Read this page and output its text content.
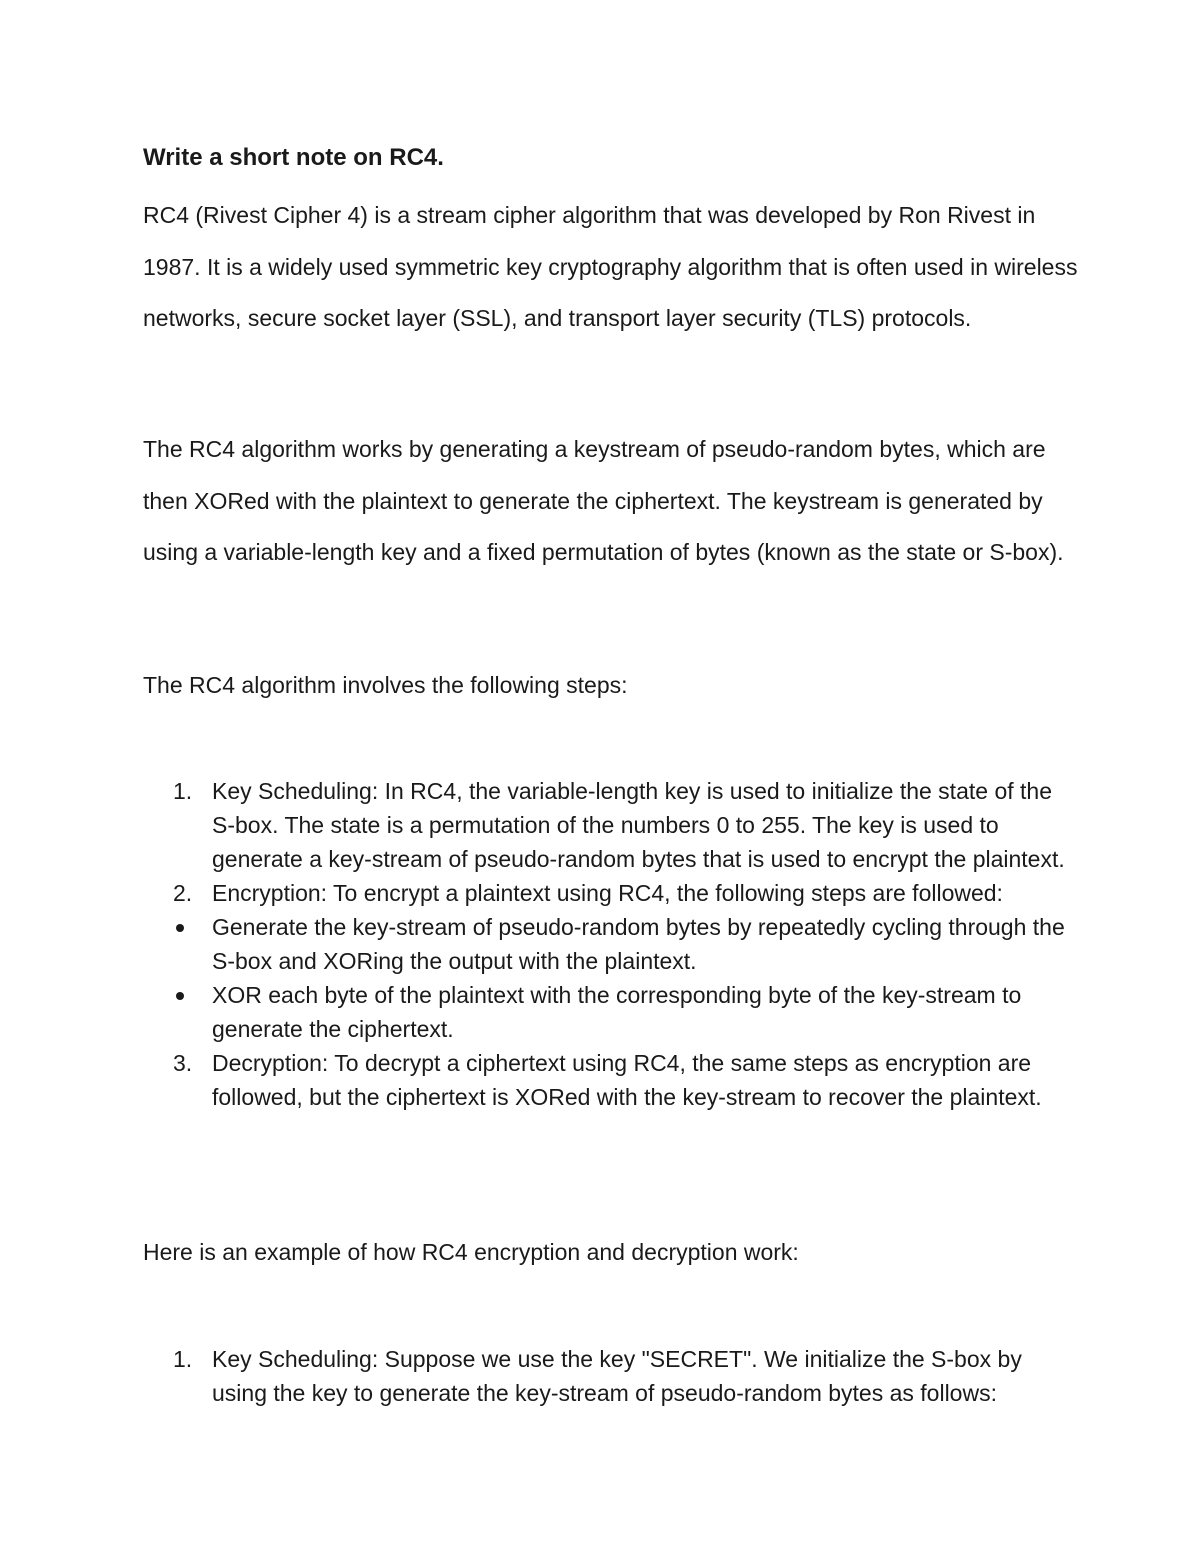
Write a short note on RC4.

RC4 (Rivest Cipher 4) is a stream cipher algorithm that was developed by Ron Rivest in 1987. It is a widely used symmetric key cryptography algorithm that is often used in wireless networks, secure socket layer (SSL), and transport layer security (TLS) protocols.

The RC4 algorithm works by generating a keystream of pseudo-random bytes, which are then XORed with the plaintext to generate the ciphertext. The keystream is generated by using a variable-length key and a fixed permutation of bytes (known as the state or S-box).

The RC4 algorithm involves the following steps:

1. Key Scheduling: In RC4, the variable-length key is used to initialize the state of the S-box. The state is a permutation of the numbers 0 to 255. The key is used to generate a key-stream of pseudo-random bytes that is used to encrypt the plaintext.
2. Encryption: To encrypt a plaintext using RC4, the following steps are followed:
Generate the key-stream of pseudo-random bytes by repeatedly cycling through the S-box and XORing the output with the plaintext.
XOR each byte of the plaintext with the corresponding byte of the key-stream to generate the ciphertext.
3. Decryption: To decrypt a ciphertext using RC4, the same steps as encryption are followed, but the ciphertext is XORed with the key-stream to recover the plaintext.

Here is an example of how RC4 encryption and decryption work:

1. Key Scheduling: Suppose we use the key "SECRET". We initialize the S-box by using the key to generate the key-stream of pseudo-random bytes as follows:
